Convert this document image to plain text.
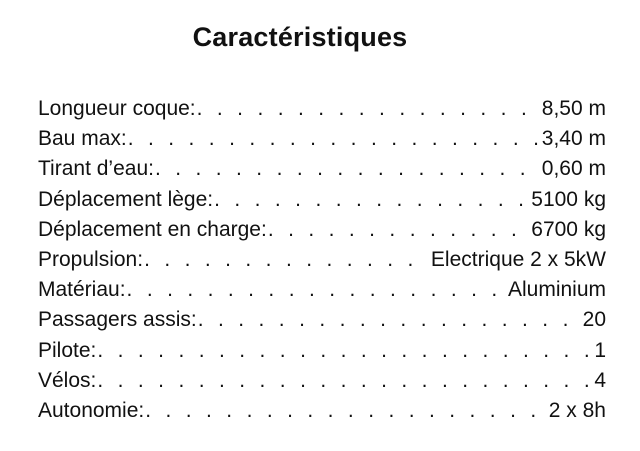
Caractéristiques
Longueur coque: . . .	8,50 m
Bau max: . . .	3,40 m
Tirant d’eau: . . .	0,60 m
Déplacement lège: . . .	5100 kg
Déplacement en charge: . . .	6700 kg
Propulsion: . . .	Electrique 2 x 5kW
Matériau: . . .	Aluminium
Passagers assis: . . .	20
Pilote: . . .	1
Vélos: . . .	4
Autonomie: . . .	2 x 8h
